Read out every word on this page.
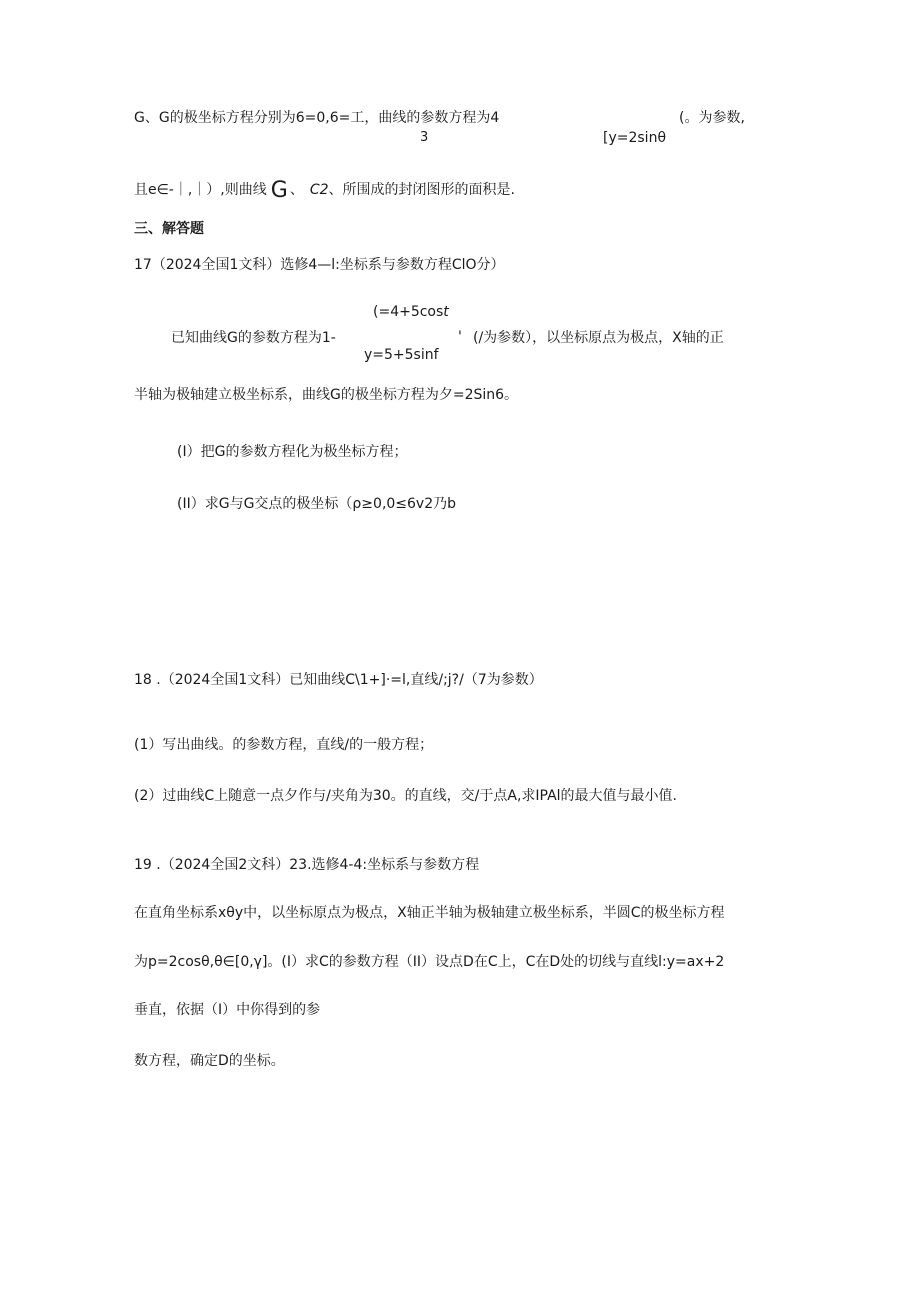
G、G的极坐标方程分别为6=0,6=工，曲线的参数方程为4
3
(。为参数,
[y=2sinθ
且e∈-｜,｜）,则曲线 G 、 C2、所围成的封闭图形的面积是.
三、解答题
17（2024全国1文科）选修4—l:坐标系与参数方程ClO分）
(=4+5cost
已知曲线G的参数方程为1-	' (/为参数），以坐标原点为极点，X轴的正
y=5+5sinf
半轴为极轴建立极坐标系，曲线G的极坐标方程为夕=2Sin6。
(I）把G的参数方程化为极坐标方程；
(II）求G与G交点的极坐标（ρ≥0,0≤6v2乃b
18 .（2024全国1文科）已知曲线C\1+]·=l,直线/;j?/（7为参数）
(1）写出曲线。的参数方程，直线/的一般方程；
(2）过曲线C上随意一点夕作与/夹角为30。的直线，交/于点A,求IPAl的最大值与最小值.
19 .（2024全国2文科）23.选修4-4:坐标系与参数方程
在直角坐标系xθy中，以坐标原点为极点，X轴正半轴为极轴建立极坐标系，半圆C的极坐标方程
为p=2cosθ,θ∈[0,γ]。(I）求C的参数方程（II）设点D在C上，C在D处的切线与直线l:y=ax+2
垂直，依据（I）中你得到的参
数方程，确定D的坐标。
